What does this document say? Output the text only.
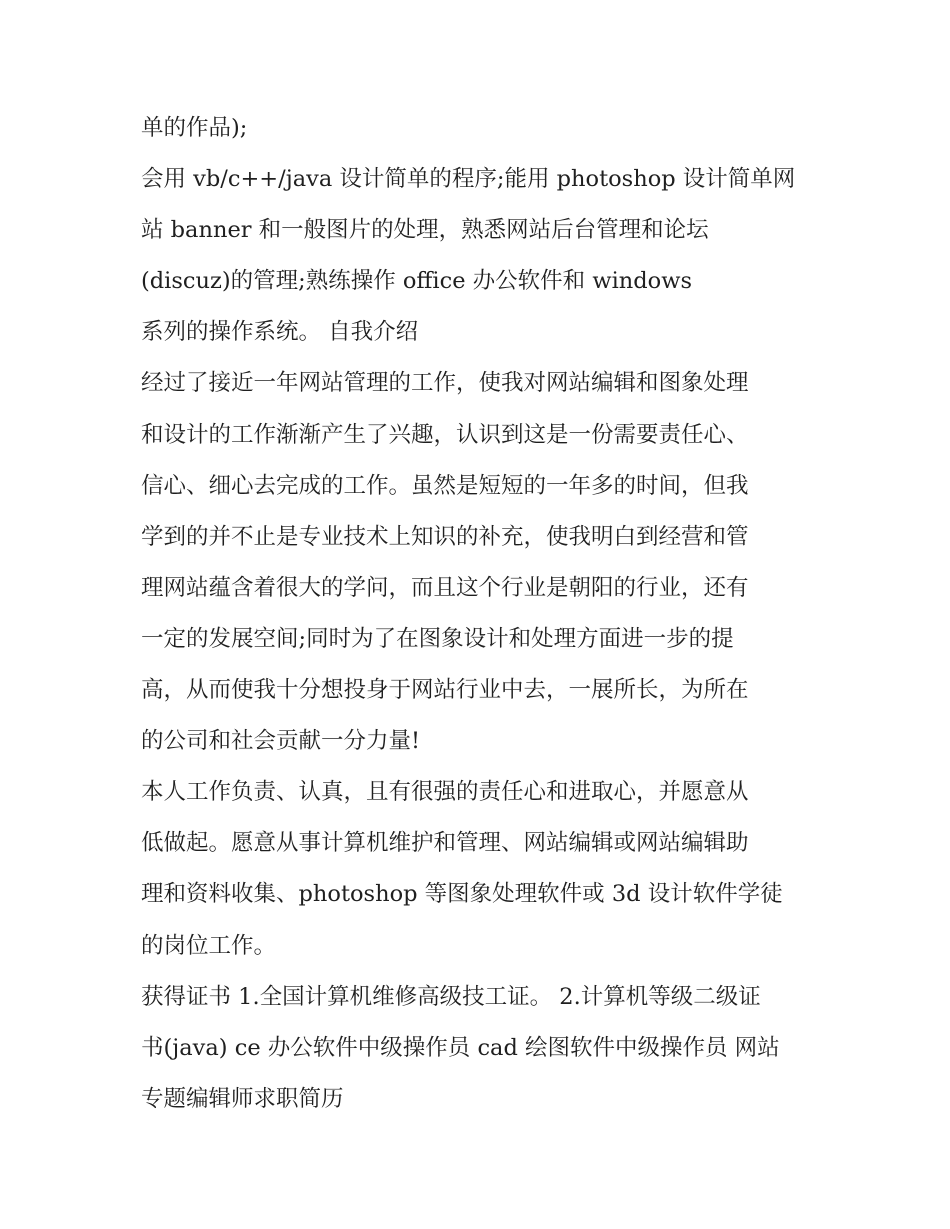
单的作品);
会用 vb/c++/java 设计简单的程序;能用 photoshop 设计简单网
站 banner 和一般图片的处理，熟悉网站后台管理和论坛
(discuz)的管理;熟练操作 office 办公软件和 windows
系列的操作系统。 自我介绍
经过了接近一年网站管理的工作，使我对网站编辑和图象处理
和设计的工作渐渐产生了兴趣，认识到这是一份需要责任心、
信心、细心去完成的工作。虽然是短短的一年多的时间，但我
学到的并不止是专业技术上知识的补充，使我明白到经营和管
理网站蕴含着很大的学问，而且这个行业是朝阳的行业，还有
一定的发展空间;同时为了在图象设计和处理方面进一步的提
高，从而使我十分想投身于网站行业中去，一展所长，为所在
的公司和社会贡献一分力量!
本人工作负责、认真，且有很强的责任心和进取心，并愿意从
低做起。愿意从事计算机维护和管理、网站编辑或网站编辑助
理和资料收集、photoshop 等图象处理软件或 3d 设计软件学徒
的岗位工作。
获得证书 1.全国计算机维修高级技工证。 2.计算机等级二级证
书(java) ce 办公软件中级操作员 cad 绘图软件中级操作员 网站
专题编辑师求职简历
